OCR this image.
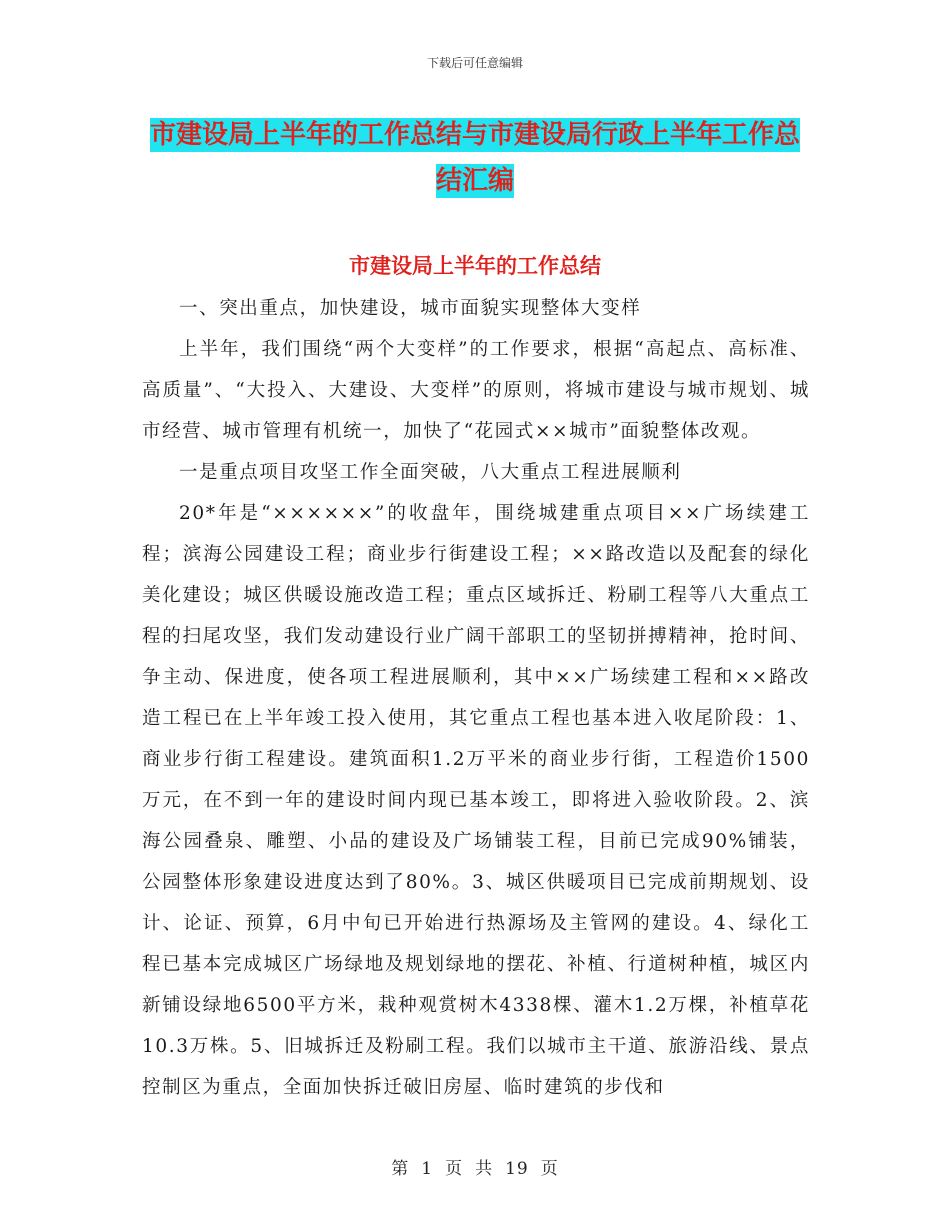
下载后可任意编辑
市建设局上半年的工作总结与市建设局行政上半年工作总结汇编
市建设局上半年的工作总结

一、突出重点，加快建设，城市面貌实现整体大变样

上半年，我们围绕“两个大变样”的工作要求，根据“高起点、高标准、高质量”、“大投入、大建设、大变样”的原则，将城市建设与城市规划、城市经营、城市管理有机统一，加快了“花园式××城市”面貌整体改观。

一是重点项目攻坚工作全面突破，八大重点工程进展顺利

20*年是“××××××”的收盘年，围绕城建重点项目××广场续建工程；滨海公园建设工程；商业步行街建设工程；××路改造以及配套的绿化美化建设；城区供暖设施改造工程；重点区域拆迁、粉刷工程等八大重点工程的扫尾攻坚，我们发动建设行业广阔干部职工的坚韧拼搏精神，抢时间、争主动、保进度，使各项工程进展顺利，其中××广场续建工程和××路改造工程已在上半年竣工投入使用，其它重点工程也基本进入收尾阶段：1、商业步行街工程建设。建筑面积1.2万平米的商业步行街，工程造价1500万元，在不到一年的建设时间内现已基本竣工，即将进入验收阶段。2、滨海公园叠泉、雕塑、小品的建设及广场铺装工程，目前已完成90%铺装，公园整体形象建设进度达到了80%。3、城区供暖项目已完成前期规划、设计、论证、预算，6月中旬已开始进行热源场及主管网的建设。4、绿化工程已基本完成城区广场绿地及规划绿地的摆花、补植、行道树种植，城区内新铺设绿地6500平方米，栽种观赏树木4338棵、灌木1.2万棵，补植草花10.3万株。5、旧城拆迁及粉刷工程。我们以城市主干道、旅游沿线、景点控制区为重点，全面加快拆迁破旧房屋、临时建筑的步伐和

第 1 页 共 19 页
